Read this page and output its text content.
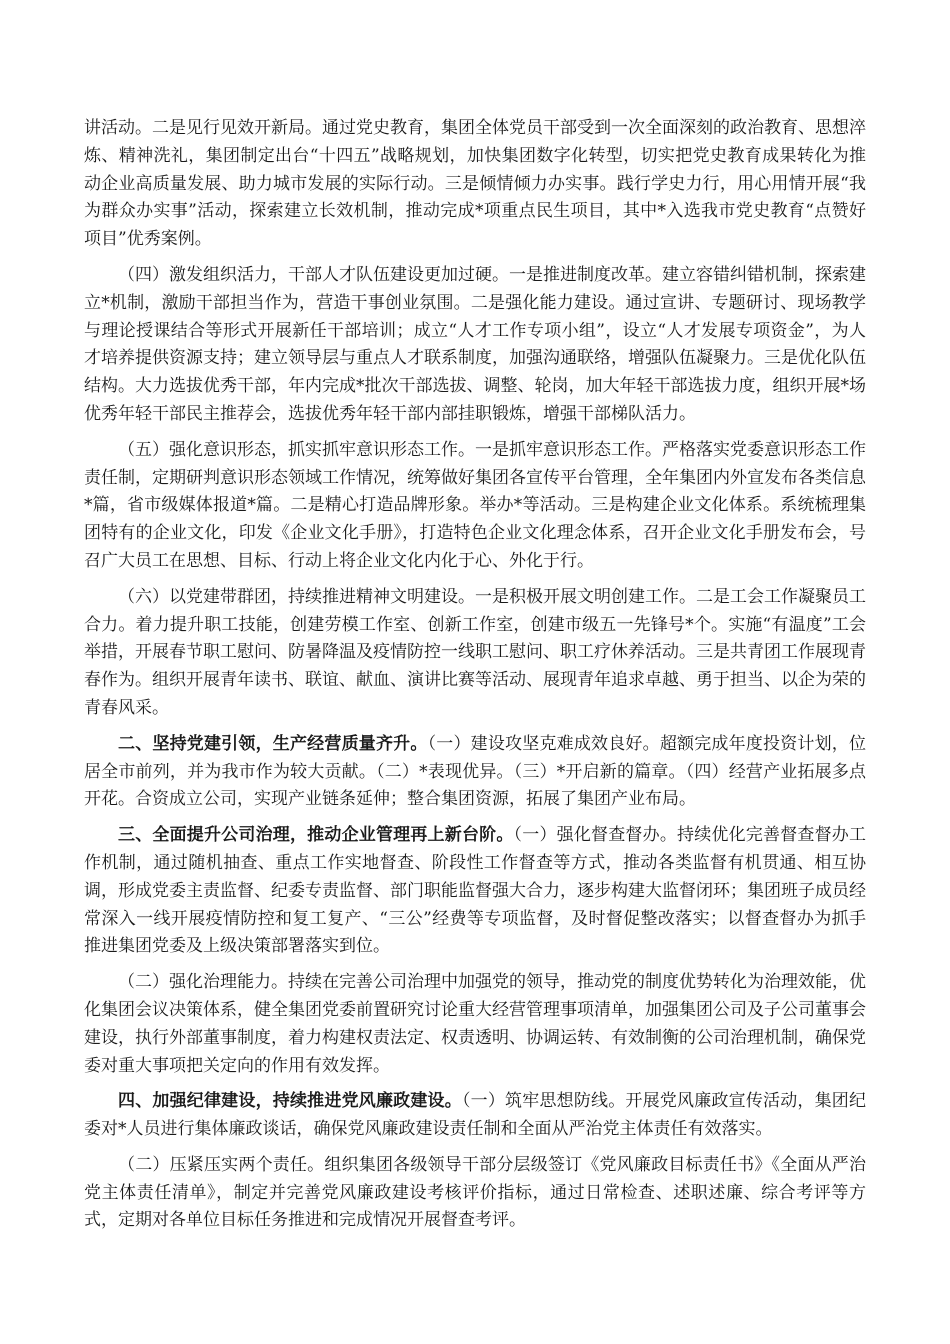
讲活动。二是见行见效开新局。通过党史教育，集团全体党员干部受到一次全面深刻的政治教育、思想淬炼、精神洗礼，集团制定出台“十四五”战略规划，加快集团数字化转型，切实把党史教育成果转化为推动企业高质量发展、助力城市发展的实际行动。三是倾情倾力办实事。践行学史力行，用心用情开展“我为群众办实事”活动，探索建立长效机制，推动完成*项重点民生项目，其中*入选我市党史教育“点赞好项目”优秀案例。

（四）激发组织活力，干部人才队伍建设更加过硬。一是推进制度改革。建立容错纠错机制，探索建立*机制，激励干部担当作为，营造干事创业氛围。二是强化能力建设。通过宣讲、专题研讨、现场教学与理论授课结合等形式开展新任干部培训；成立“人才工作专项小组”，设立“人才发展专项资金”，为人才培养提供资源支持；建立领导层与重点人才联系制度，加强沟通联络，增强队伍凝聚力。三是优化队伍结构。大力选拔优秀干部，年内完成*批次干部选拔、调整、轮岗，加大年轻干部选拔力度，组织开展*场优秀年轻干部民主推荐会，选拔优秀年轻干部内部挂职锻炼，增强干部梯队活力。

（五）强化意识形态，抓实抓牢意识形态工作。一是抓牢意识形态工作。严格落实党委意识形态工作责任制，定期研判意识形态领域工作情况，统筹做好集团各宣传平台管理，全年集团内外宣发布各类信息*篇，省市级媒体报道*篇。二是精心打造品牌形象。举办*等活动。三是构建企业文化体系。系统梳理集团特有的企业文化，印发《企业文化手册》，打造特色企业文化理念体系，召开企业文化手册发布会，号召广大员工在思想、目标、行动上将企业文化内化于心、外化于行。

（六）以党建带群团，持续推进精神文明建设。一是积极开展文明创建工作。二是工会工作凝聚员工合力。着力提升职工技能，创建劳模工作室、创新工作室，创建市级五一先锋号*个。实施“有温度”工会举措，开展春节职工慰问、防暑降温及疫情防控一线职工慰问、职工疗休养活动。三是共青团工作展现青春作为。组织开展青年读书、联谊、献血、演讲比赛等活动、展现青年追求卓越、勇于担当、以企为荣的青春风采。

二、坚持党建引领，生产经营质量齐升。（一）建设攻坚克难成效良好。超额完成年度投资计划，位居全市前列，并为我市作为较大贡献。（二）*表现优异。（三）*开启新的篇章。（四）经营产业拓展多点开花。合资成立公司，实现产业链条延伸；整合集团资源，拓展了集团产业布局。

三、全面提升公司治理，推动企业管理再上新台阶。（一）强化督查督办。持续优化完善督查督办工作机制，通过随机抽查、重点工作实地督查、阶段性工作督查等方式，推动各类监督有机贯通、相互协调，形成党委主责监督、纪委专责监督、部门职能监督强大合力，逐步构建大监督闭环；集团班子成员经常深入一线开展疫情防控和复工复产、“三公”经费等专项监督，及时督促整改落实；以督查督办为抓手推进集团党委及上级决策部署落实到位。

（二）强化治理能力。持续在完善公司治理中加强党的领导，推动党的制度优势转化为治理效能，优化集团会议决策体系，健全集团党委前置研究讨论重大经营管理事项清单，加强集团公司及子公司董事会建设，执行外部董事制度，着力构建权责法定、权责透明、协调运转、有效制衡的公司治理机制，确保党委对重大事项把关定向的作用有效发挥。

四、加强纪律建设，持续推进党风廉政建设。（一）筑牢思想防线。开展党风廉政宣传活动，集团纪委对*人员进行集体廉政谈话，确保党风廉政建设责任制和全面从严治党主体责任有效落实。

（二）压紧压实两个责任。组织集团各级领导干部分层级签订《党风廉政目标责任书》《全面从严治党主体责任清单》，制定并完善党风廉政建设考核评价指标，通过日常检查、述职述廉、综合考评等方式，定期对各单位目标任务推进和完成情况开展督查考评。
